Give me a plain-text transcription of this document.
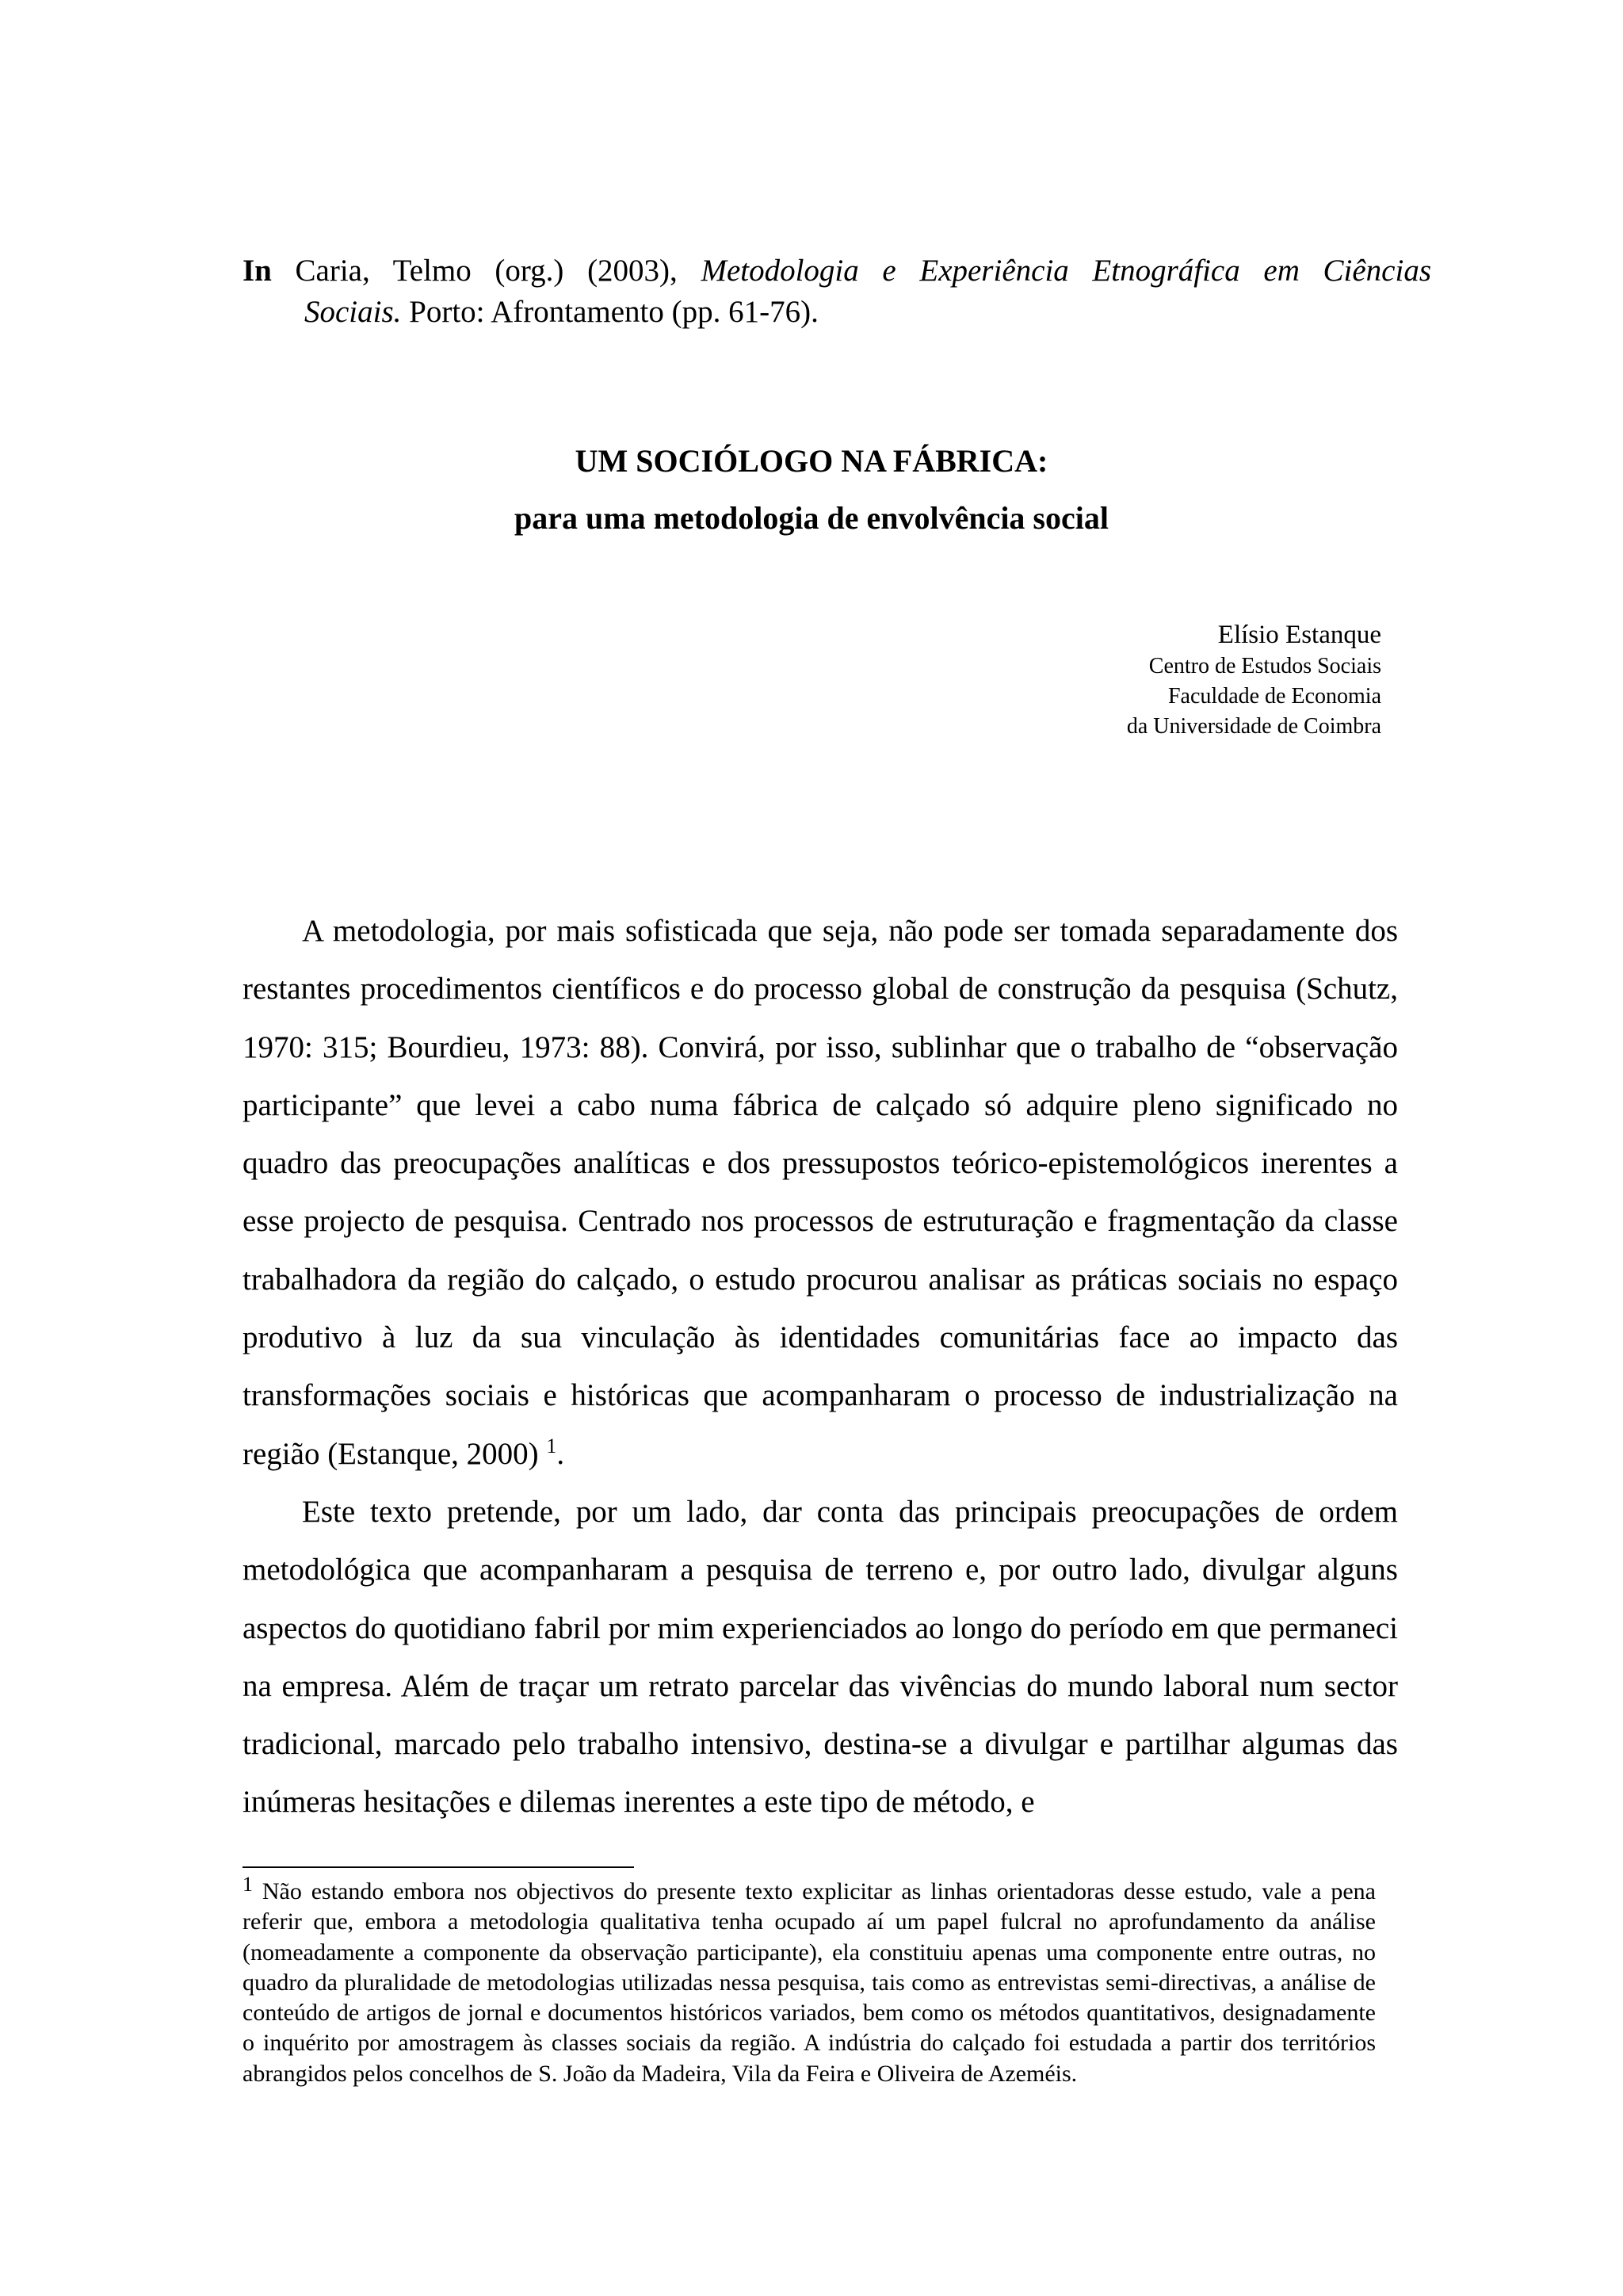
In Caria, Telmo (org.) (2003), Metodologia e Experiência Etnográfica em Ciências
Sociais. Porto: Afrontamento (pp. 61-76).
UM SOCIÓLOGO NA FÁBRICA:
para uma metodologia de envolvência social
Elísio Estanque
Centro de Estudos Sociais
Faculdade de Economia
da Universidade de Coimbra

A metodologia, por mais sofisticada que seja, não pode ser tomada separadamente dos restantes procedimentos científicos e do processo global de construção da pesquisa (Schutz, 1970: 315; Bourdieu, 1973: 88). Convirá, por isso, sublinhar que o trabalho de “observação participante” que levei a cabo numa fábrica de calçado só adquire pleno significado no quadro das preocupações analíticas e dos pressupostos teórico-epistemológicos inerentes a esse projecto de pesquisa. Centrado nos processos de estruturação e fragmentação da classe trabalhadora da região do calçado, o estudo procurou analisar as práticas sociais no espaço produtivo à luz da sua vinculação às identidades comunitárias face ao impacto das transformações sociais e históricas que acompanharam o processo de industrialização na região (Estanque, 2000) $^1$.

Este texto pretende, por um lado, dar conta das principais preocupações de ordem metodológica que acompanharam a pesquisa de terreno e, por outro lado, divulgar alguns aspectos do quotidiano fabril por mim experienciados ao longo do período em que permaneci na empresa. Além de traçar um retrato parcelar das vivências do mundo laboral num sector tradicional, marcado pelo trabalho intensivo, destina-se a divulgar e partilhar algumas das inúmeras hesitações e dilemas inerentes a este tipo de método, e

$^1$ Não estando embora nos objectivos do presente texto explicitar as linhas orientadoras desse estudo, vale a pena referir que, embora a metodologia qualitativa tenha ocupado aí um papel fulcral no aprofundamento da análise (nomeadamente a componente da observação participante), ela constituiu apenas uma componente entre outras, no quadro da pluralidade de metodologias utilizadas nessa pesquisa, tais como as entrevistas semi-directivas, a análise de conteúdo de artigos de jornal e documentos históricos variados, bem como os métodos quantitativos, designadamente o inquérito por amostragem às classes sociais da região. A indústria do calçado foi estudada a partir dos territórios abrangidos pelos concelhos de S. João da Madeira, Vila da Feira e Oliveira de Azeméis.
